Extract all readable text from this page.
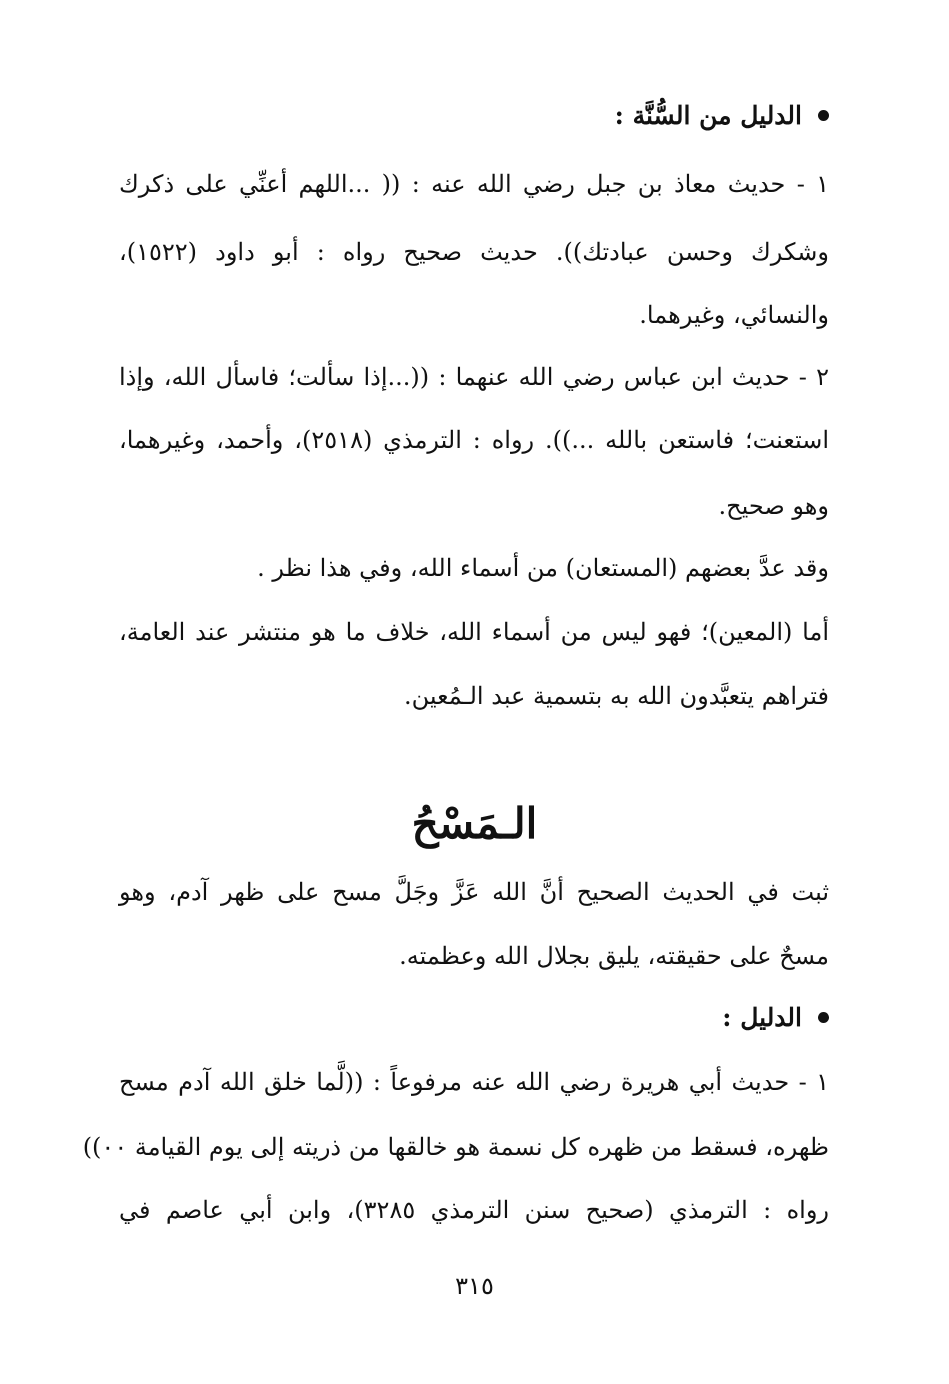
الدليل من السُّنَّة :
١ - حديث معاذ بن جبل رضي الله عنه : (( ...اللهم أعنِّي على ذكرك
وشكرك وحسن عبادتك)). حديث صحيح رواه : أبو داود (١٥٢٢)،
والنسائي، وغيرهما.
٢ - حديث ابن عباس رضي الله عنهما : ((...إذا سألت؛ فاسأل الله، وإذا
استعنت؛ فاستعن بالله ...)). رواه : الترمذي (٢٥١٨)، وأحمد، وغيرهما،
وهو صحيح.
وقد عدَّ بعضهم (المستعان) من أسماء الله، وفي هذا نظر .
أما (المعين)؛ فهو ليس من أسماء الله، خلاف ما هو منتشر عند العامة،
فتراهم يتعبَّدون الله به بتسمية عبد الـمُعين.
الـمَسْحُ
ثبت في الحديث الصحيح أنَّ الله عَزَّ وجَلَّ مسح على ظهر آدم، وهو
مسحٌ على حقيقته، يليق بجلال الله وعظمته.
الدليل :
١ - حديث أبي هريرة رضي الله عنه مرفوعاً : ((لَّما خلق الله آدم مسح
ظهره، فسقط من ظهره كل نسمة هو خالقها من ذريته إلى يوم القيامة ٠٠))
رواه : الترمذي (صحيح سنن الترمذي ٣٢٨٥)، وابن أبي عاصم في
٣١٥
